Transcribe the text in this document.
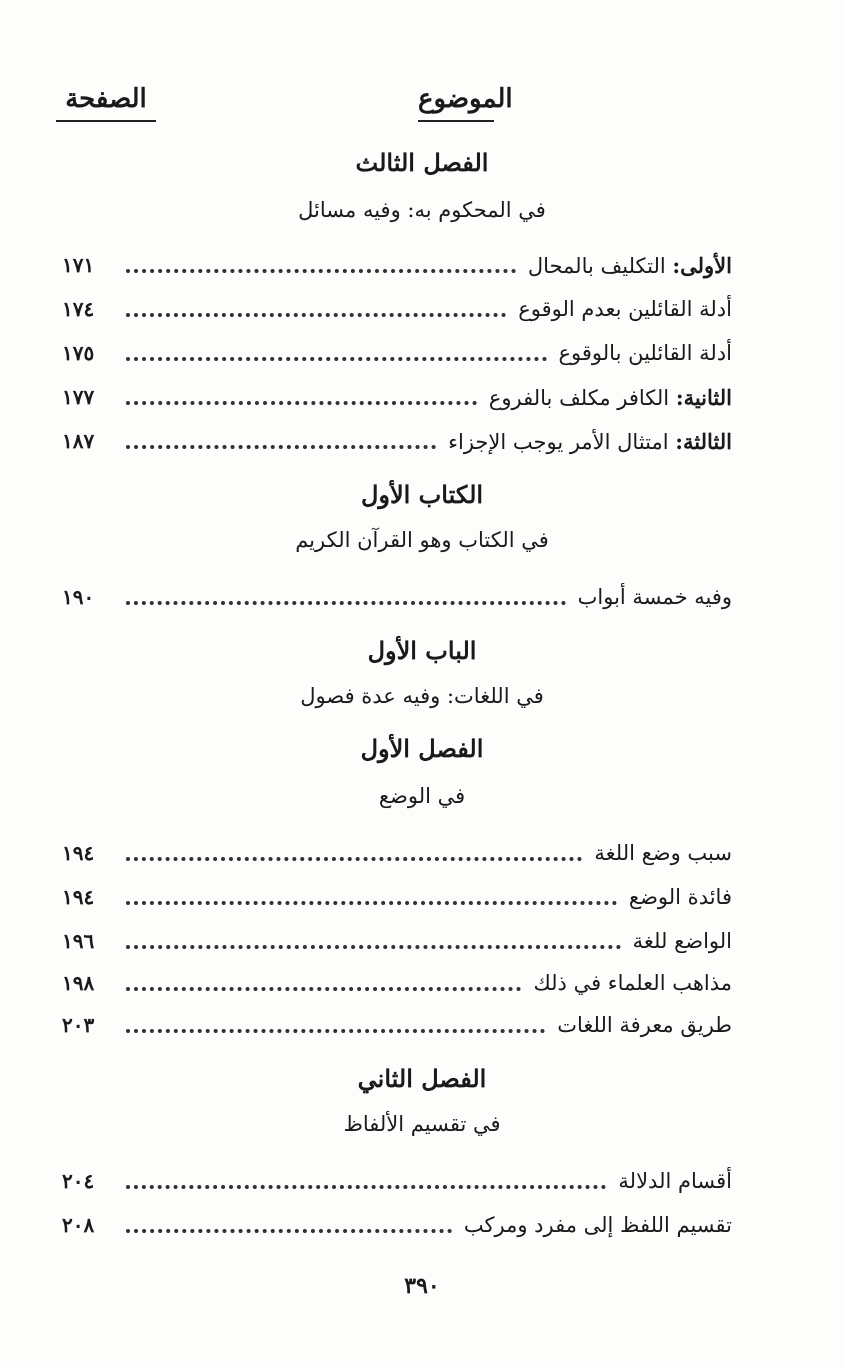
الصفحة	الموضوع
الفصل الثالث
في المحكوم به: وفيه مسائل
الأولى: التكليف بالمحال
١٧١
أدلة القائلين بعدم الوقوع
١٧٤
أدلة القائلين بالوقوع
١٧٥
الثانية: الكافر مكلف بالفروع
١٧٧
الثالثة: امتثال الأمر يوجب الإجزاء
١٨٧
الكتاب الأول
في الكتاب وهو القرآن الكريم
وفيه خمسة أبواب
١٩٠
الباب الأول
في اللغات: وفيه عدة فصول
الفصل الأول
في الوضع
سبب وضع اللغة
١٩٤
فائدة الوضع
١٩٤
الواضع للغة
١٩٦
مذاهب العلماء في ذلك
١٩٨
طريق معرفة اللغات
٢٠٣
الفصل الثاني
في تقسيم الألفاظ
أقسام الدلالة
٢٠٤
تقسيم اللفظ إلى مفرد ومركب
٢٠٨
٣٩٠
